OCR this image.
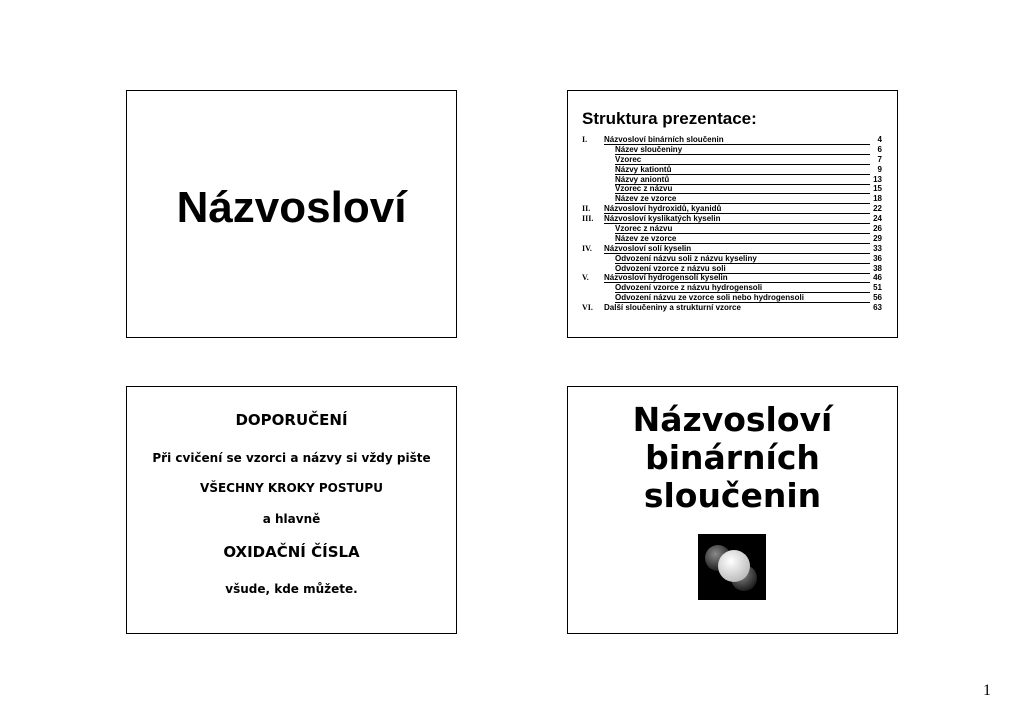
Názvosloví
Struktura prezentace:
I.	Názvosloví binárních sloučenin	4
Název sloučeniny	6
Vzorec	7
Názvy kationtů	9
Názvy aniontů	13
Vzorec z názvu	15
Název ze vzorce	18
II.	Názvosloví hydroxidů, kyanidů	22
III.	Názvosloví kyslikatých kyselin	24
Vzorec z názvu	26
Název ze vzorce	29
IV.	Názvosloví solí kyselin	33
Odvození názvu soli z názvu kyseliny	36
Odvození vzorce z názvu soli	38
V.	Názvosloví hydrogensolí kyselin	46
Odvození vzorce z názvu hydrogensoli	51
Odvození názvu ze vzorce soli nebo hydrogensoli	56
VI.	Další sloučeniny a strukturní vzorce	63
DOPORUČENÍ
Při cvičení se vzorci a názvy si vždy pište
VŠECHNY KROKY POSTUPU
a hlavně
OXIDAČNÍ ČÍSLA
všude, kde můžete.
Názvosloví
binárních
sloučenin
1
